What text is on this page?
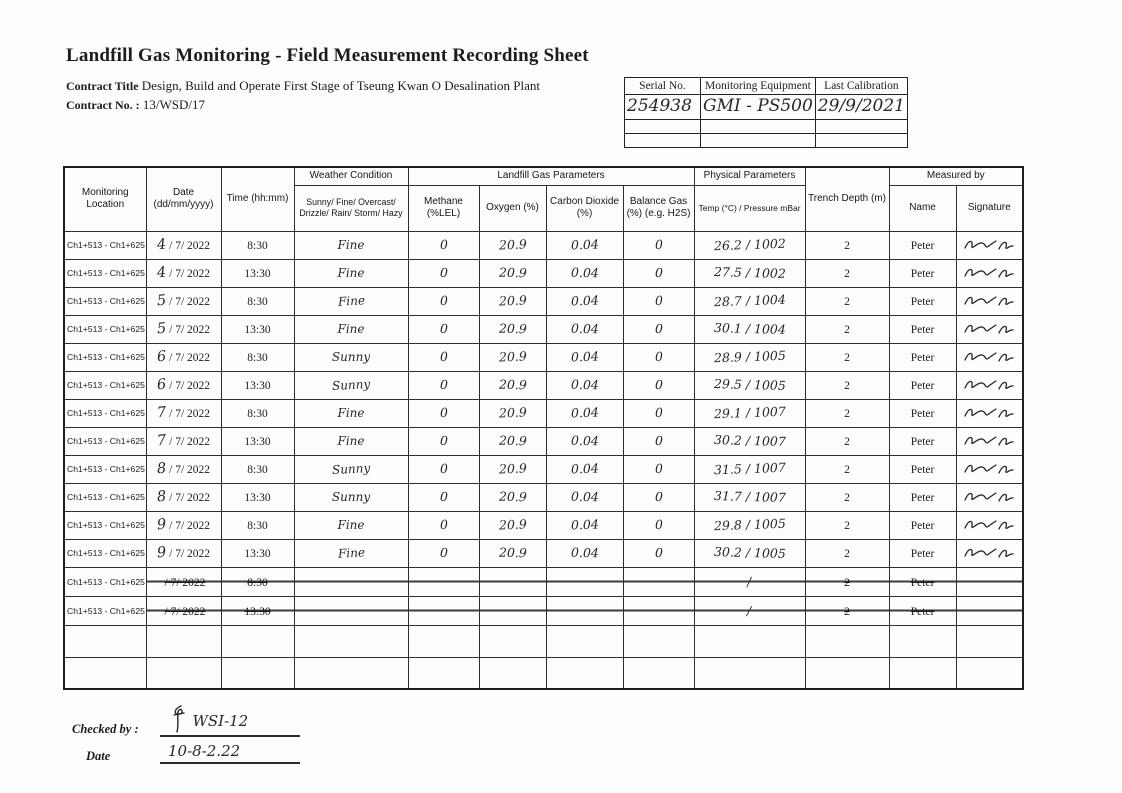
Landfill Gas Monitoring - Field Measurement Recording Sheet
Contract Title Design, Build and Operate First Stage of Tseung Kwan O Desalination Plant
Contract No. : 13/WSD/17
Serial No.	Monitoring Equipment	Last Calibration
254938	GMI - PS500	29/9/2021

Monitoring Location	Date (dd/mm/yyyy)	Time (hh:mm)	Weather Condition	Landfill Gas Parameters				Physical Parameters	Trench Depth (m)	Measured by	
			Sunny/ Fine/ Overcast/ Drizzle/ Rain/ Storm/ Hazy	Methane (%LEL)	Oxygen (%)	Carbon Dioxide (%)	Balance Gas (%) (e.g. H2S)	Temp (°C) / Pressure mBar		Name	Signature
Ch1+513 - Ch1+625	4 / 7/ 2022	8:30	Fine	0	20.9	0.04	0	26.2 / 1002	2	Peter	
Ch1+513 - Ch1+625	4 / 7/ 2022	13:30	Fine	0	20.9	0.04	0	27.5 / 1002	2	Peter	
Ch1+513 - Ch1+625	5 / 7/ 2022	8:30	Fine	0	20.9	0.04	0	28.7 / 1004	2	Peter	
Ch1+513 - Ch1+625	5 / 7/ 2022	13:30	Fine	0	20.9	0.04	0	30.1 / 1004	2	Peter	
Ch1+513 - Ch1+625	6 / 7/ 2022	8:30	Sunny	0	20.9	0.04	0	28.9 / 1005	2	Peter	
Ch1+513 - Ch1+625	6 / 7/ 2022	13:30	Sunny	0	20.9	0.04	0	29.5 / 1005	2	Peter	
Ch1+513 - Ch1+625	7 / 7/ 2022	8:30	Fine	0	20.9	0.04	0	29.1 / 1007	2	Peter	
Ch1+513 - Ch1+625	7 / 7/ 2022	13:30	Fine	0	20.9	0.04	0	30.2 / 1007	2	Peter	
Ch1+513 - Ch1+625	8 / 7/ 2022	8:30	Sunny	0	20.9	0.04	0	31.5 / 1007	2	Peter	
Ch1+513 - Ch1+625	8 / 7/ 2022	13:30	Sunny	0	20.9	0.04	0	31.7 / 1007	2	Peter	
Ch1+513 - Ch1+625	9 / 7/ 2022	8:30	Fine	0	20.9	0.04	0	29.8 / 1005	2	Peter	
Ch1+513 - Ch1+625	9 / 7/ 2022	13:30	Fine	0	20.9	0.04	0	30.2 / 1005	2	Peter	
Ch1+513 - Ch1+625	/ 7/ 2022	8:30						/	2	Peter	
Ch1+513 - Ch1+625	/ 7/ 2022	13:30						/	2	Peter	

Checked by :	WSI-12
Date	10-8-2.22
